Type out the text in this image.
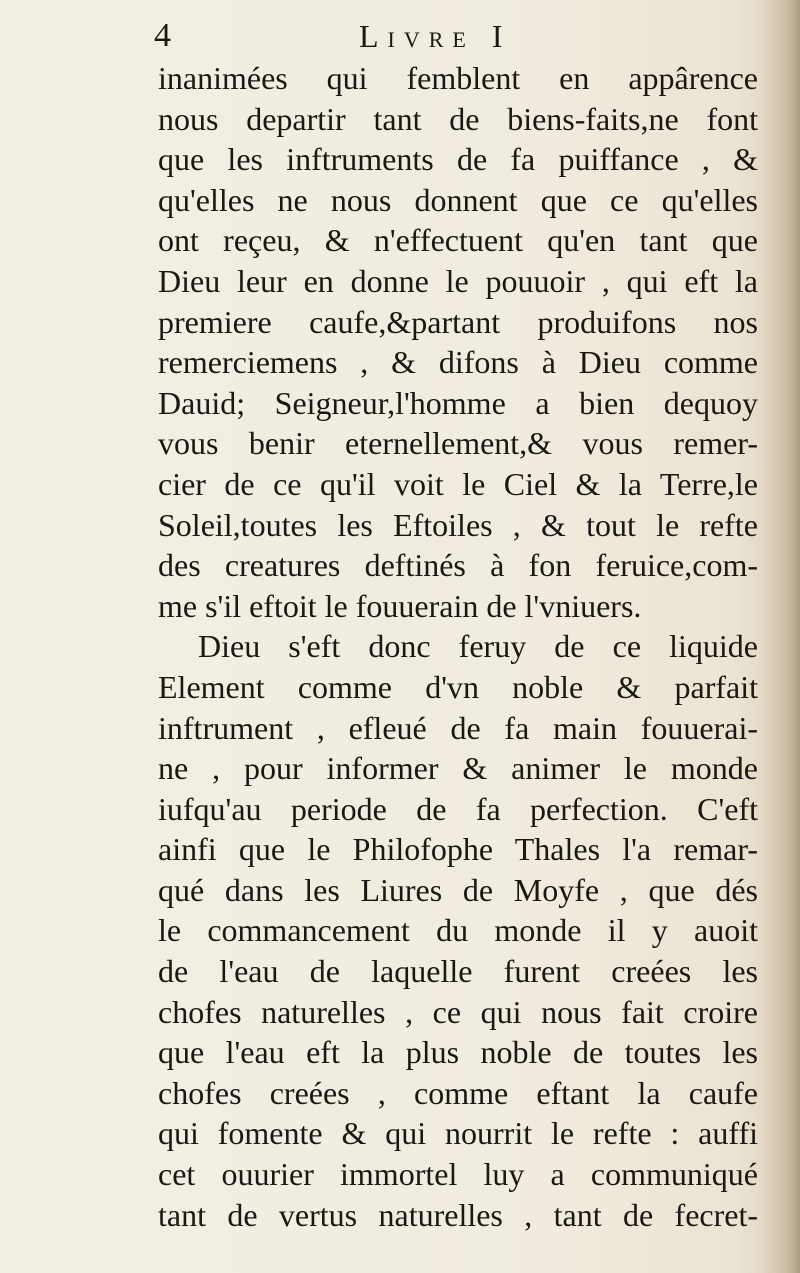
4	Livre I
inanimées qui femblent en appârence
nous departir tant de biens-faits,ne font
que les inftruments de fa puiffance , &
qu'elles ne nous donnent que ce qu'elles
ont reçeu, & n'effectuent qu'en tant que
Dieu leur en donne le pouuoir , qui eft la
premiere caufe,&partant produifons nos
remerciemens , & difons à Dieu comme
Dauid; Seigneur,l'homme a bien dequoy
vous benir eternellement,& vous remer-
cier de ce qu'il voit le Ciel & la Terre,le
Soleil,toutes les Eftoiles , & tout le refte
des creatures deftinés à fon feruice,com-
me s'il eftoit le fouuerain de l'vniuers.
Dieu s'eft donc feruy de ce liquide
Element comme d'vn noble & parfait
inftrument , efleué de fa main fouuerai-
ne , pour informer & animer le monde
iufqu'au periode de fa perfection. C'eft
ainfi que le Philofophe Thales l'a remar-
qué dans les Liures de Moyfe , que dés
le commancement du monde il y auoit
de l'eau de laquelle furent creées les
chofes naturelles , ce qui nous fait croire
que l'eau eft la plus noble de toutes les
chofes creées , comme eftant la caufe
qui fomente & qui nourrit le refte : auffi
cet ouurier immortel luy a communiqué
tant de vertus naturelles , tant de fecret-
